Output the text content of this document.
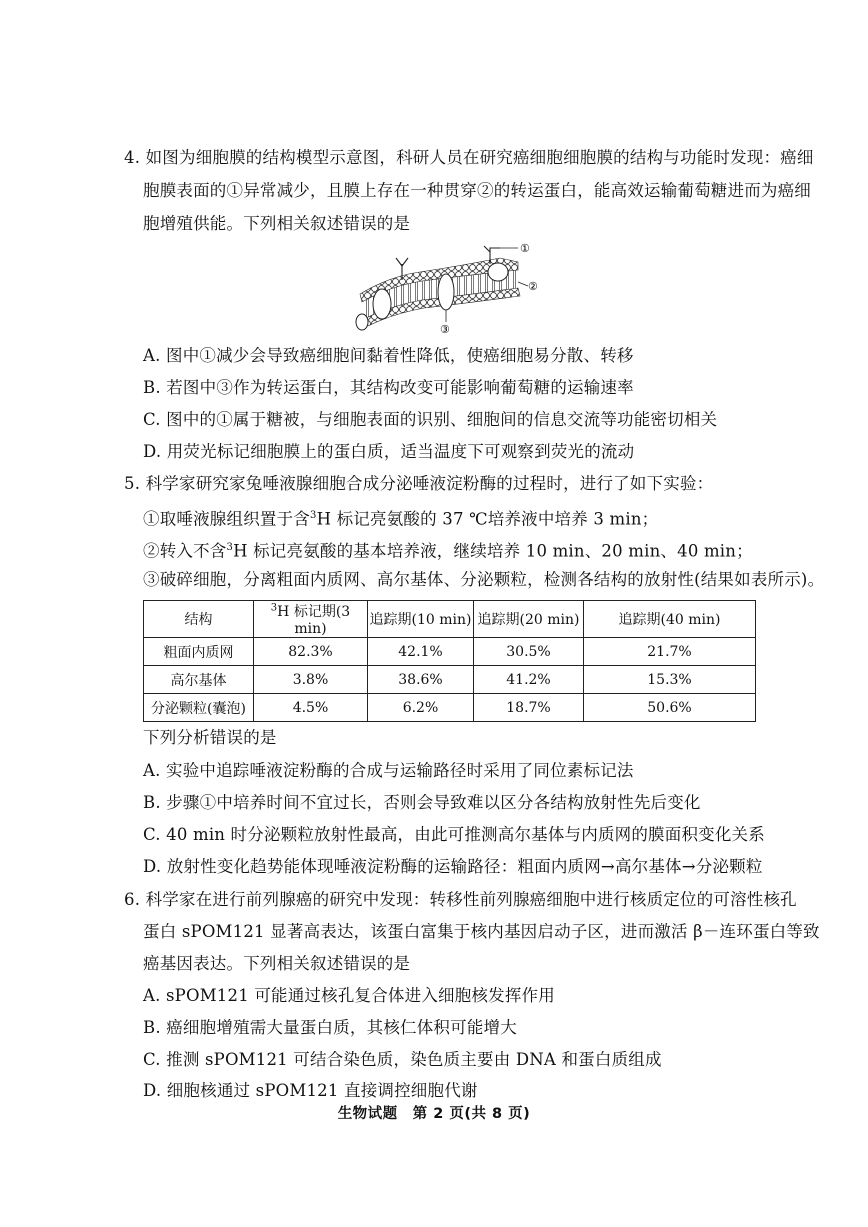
4. 如图为细胞膜的结构模型示意图，科研人员在研究癌细胞细胞膜的结构与功能时发现：癌细
胞膜表面的①异常减少，且膜上存在一种贯穿②的转运蛋白，能高效运输葡萄糖进而为癌细
胞增殖供能。下列相关叙述错误的是
①
②
③
A. 图中①减少会导致癌细胞间黏着性降低，使癌细胞易分散、转移
B. 若图中③作为转运蛋白，其结构改变可能影响葡萄糖的运输速率
C. 图中的①属于糖被，与细胞表面的识别、细胞间的信息交流等功能密切相关
D. 用荧光标记细胞膜上的蛋白质，适当温度下可观察到荧光的流动
5. 科学家研究家兔唾液腺细胞合成分泌唾液淀粉酶的过程时，进行了如下实验：
①取唾液腺组织置于含$^3$H 标记亮氨酸的 37 ℃培养液中培养 3 min；
②转入不含$^3$H 标记亮氨酸的基本培养液，继续培养 10 min、20 min、40 min；
③破碎细胞，分离粗面内质网、高尔基体、分泌颗粒，检测各结构的放射性(结果如表所示)。
结构	$^3$H 标记期(3 min)	追踪期(10 min)	追踪期(20 min)	追踪期(40 min)
粗面内质网	82.3%	42.1%	30.5%	21.7%
高尔基体	3.8%	38.6%	41.2%	15.3%
分泌颗粒(囊泡)	4.5%	6.2%	18.7%	50.6%
下列分析错误的是
A. 实验中追踪唾液淀粉酶的合成与运输路径时采用了同位素标记法
B. 步骤①中培养时间不宜过长，否则会导致难以区分各结构放射性先后变化
C. 40 min 时分泌颗粒放射性最高，由此可推测高尔基体与内质网的膜面积变化关系
D. 放射性变化趋势能体现唾液淀粉酶的运输路径：粗面内质网→高尔基体→分泌颗粒
6. 科学家在进行前列腺癌的研究中发现：转移性前列腺癌细胞中进行核质定位的可溶性核孔
蛋白 sPOM121 显著高表达，该蛋白富集于核内基因启动子区，进而激活 β－连环蛋白等致
癌基因表达。下列相关叙述错误的是
A. sPOM121 可能通过核孔复合体进入细胞核发挥作用
B. 癌细胞增殖需大量蛋白质，其核仁体积可能增大
C. 推测 sPOM121 可结合染色质，染色质主要由 DNA 和蛋白质组成
D. 细胞核通过 sPOM121 直接调控细胞代谢
生物试题　第 2 页(共 8 页)
